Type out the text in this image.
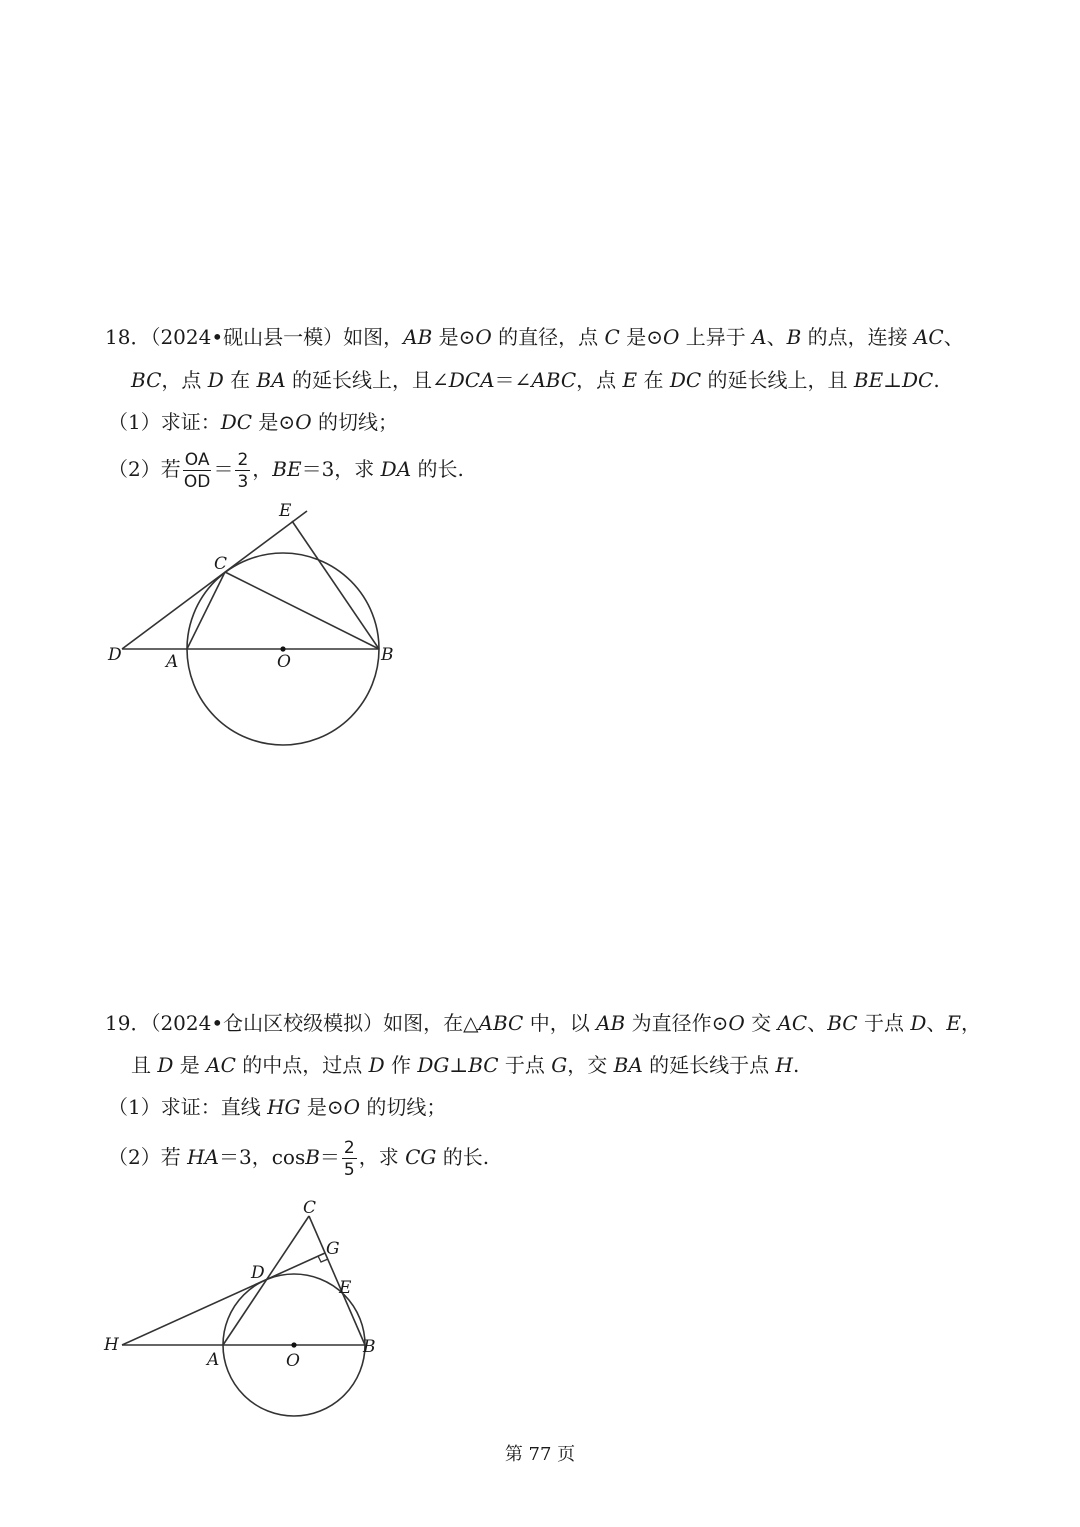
18．（2024•砚山县一模）如图，AB 是⊙O 的直径，点 C 是⊙O 上异于 A、B 的点，连接 AC、
BC，点 D 在 BA 的延长线上，且∠DCA＝∠ABC，点 E 在 DC 的延长线上，且 BE⊥DC.
（1）求证：DC 是⊙O 的切线；
（2）若 $\frac{OA}{OD} = \frac{2}{3}$ ，BE＝3，求 DA 的长.
E
C
D	A	O	B
C
G
D
E
H
A	O
B
19．（2024•仓山区校级模拟）如图，在△ABC 中，以 AB 为直径作⊙O 交 AC、BC 于点 D、E，
且 D 是 AC 的中点，过点 D 作 DG⊥BC 于点 G，交 BA 的延长线于点 H.
（1）求证：直线 HG 是⊙O 的切线；
（2）若 HA＝3，$\cos B= \frac{2}{5}$ ，求 CG 的长.
第 77 页
